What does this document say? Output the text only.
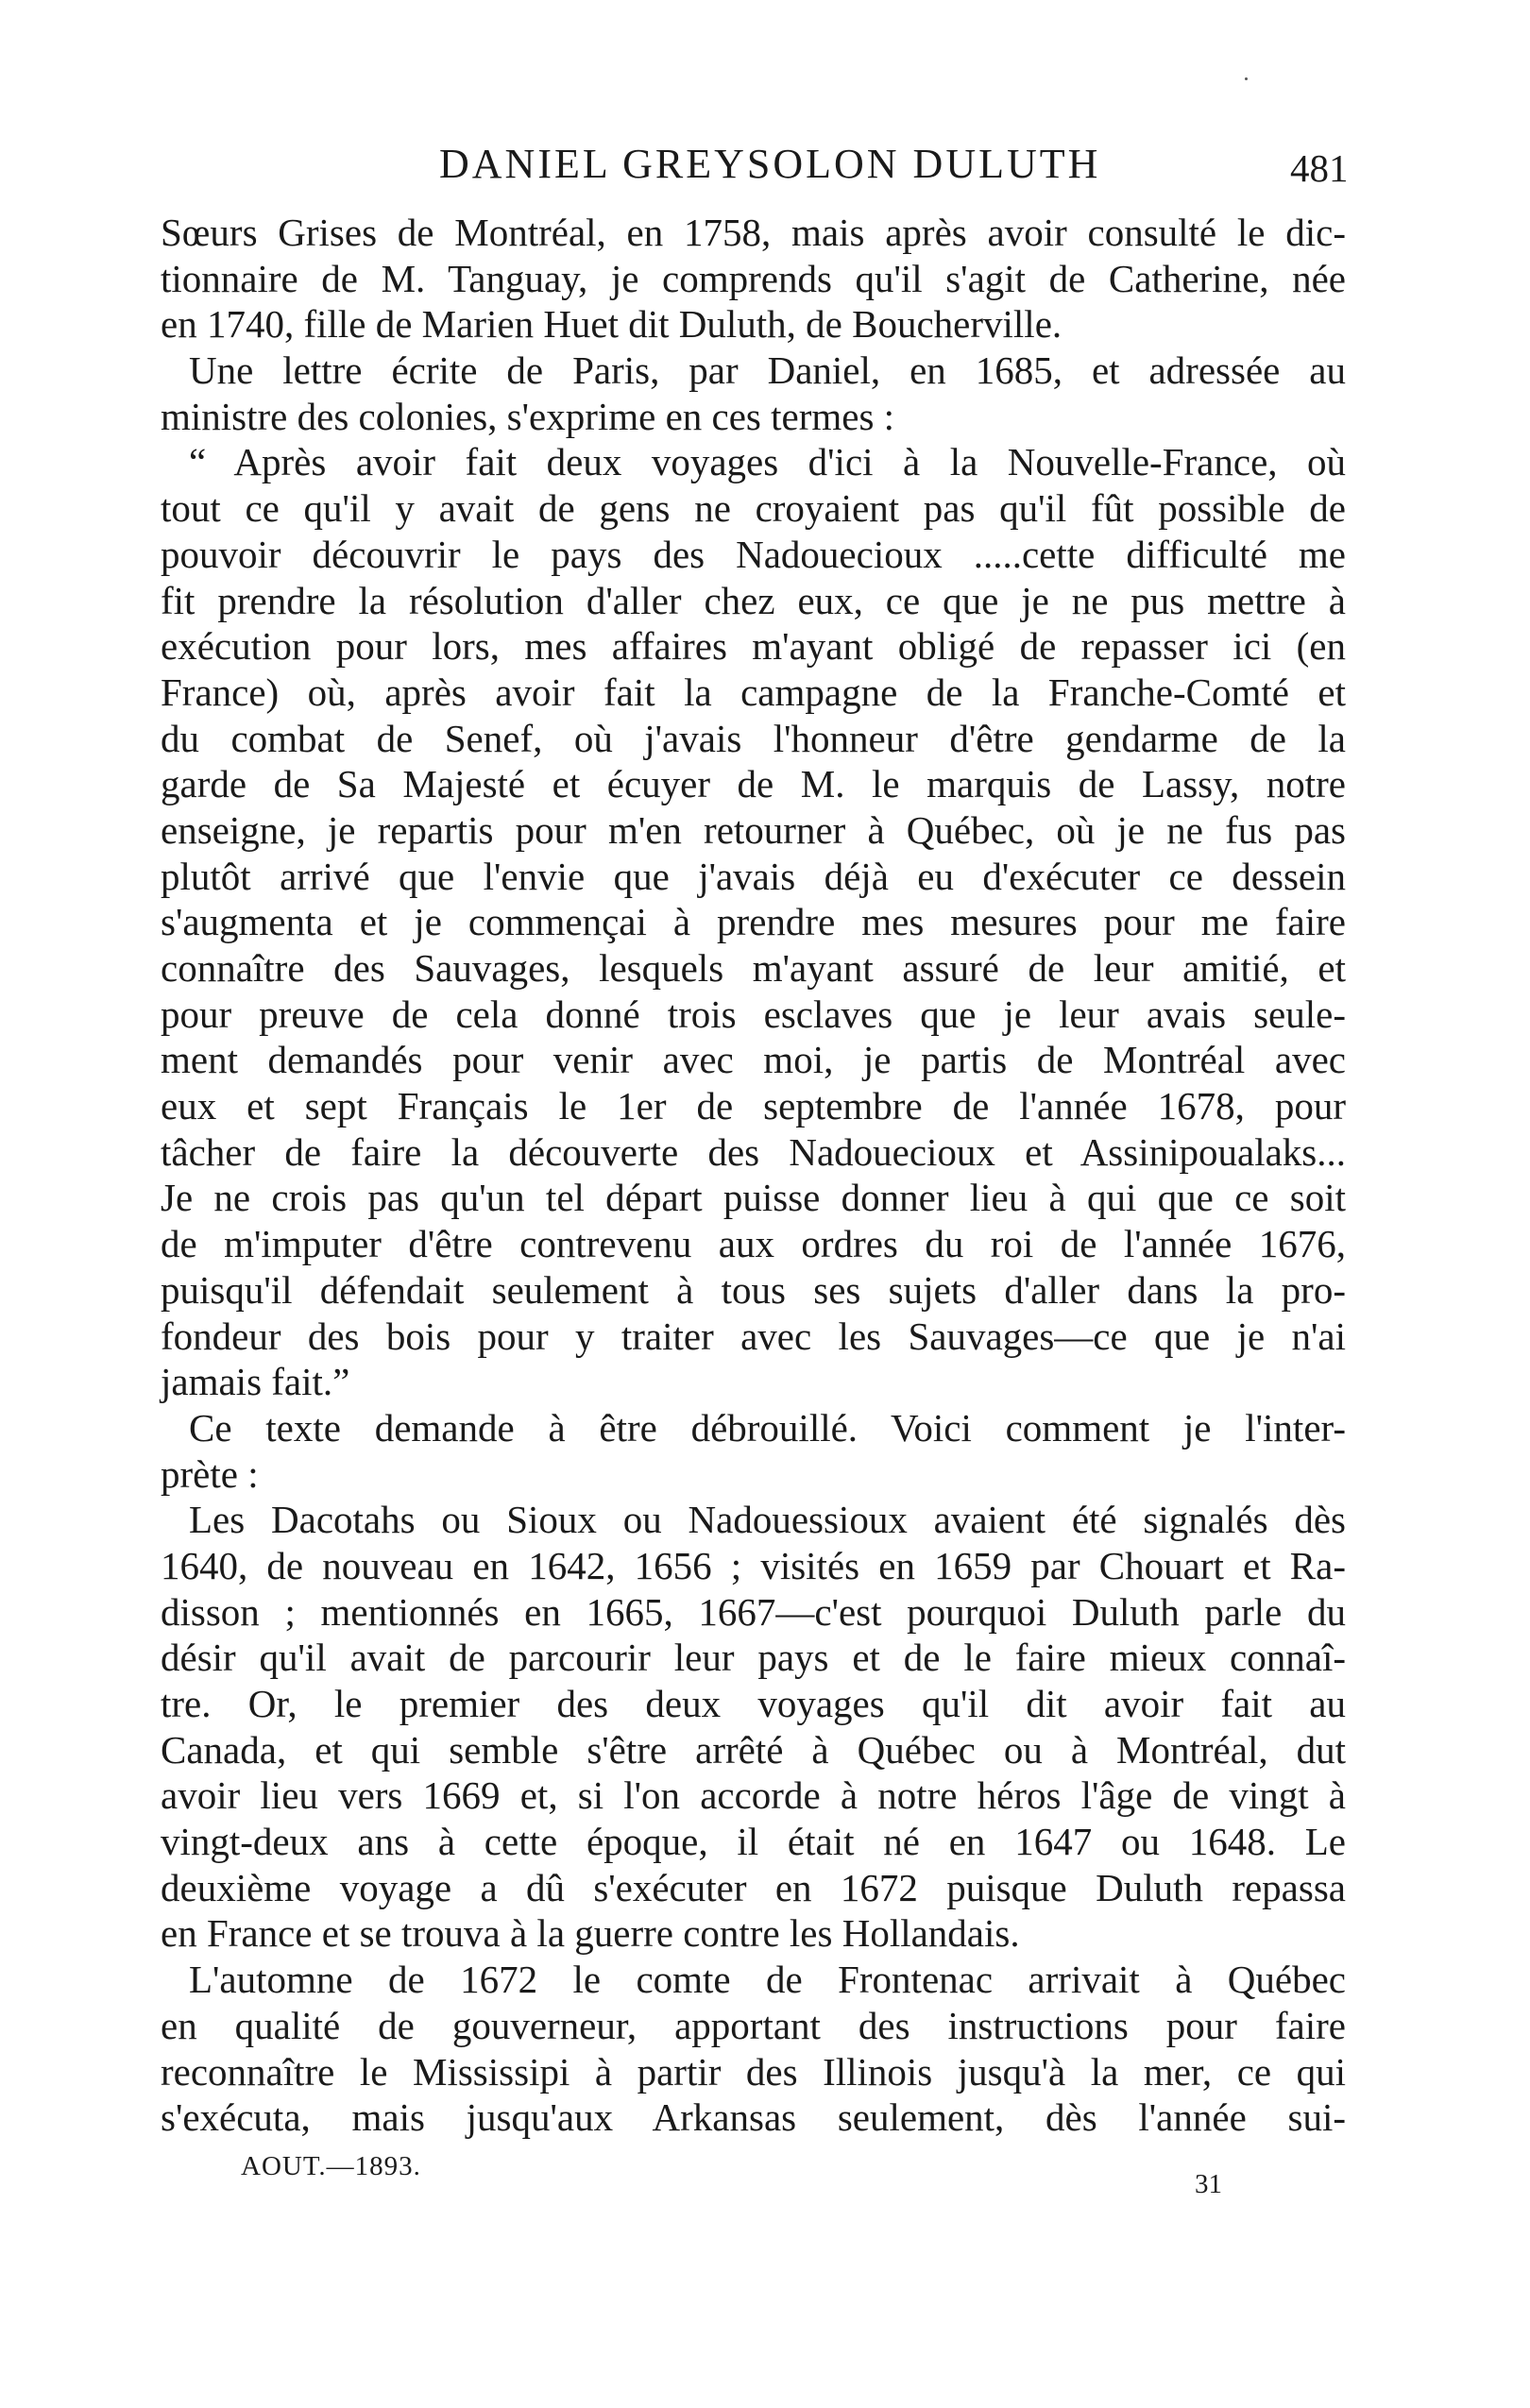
DANIEL GREYSOLON DULUTH	481
Sœurs Grises de Montréal, en 1758, mais après avoir consulté le dic-
tionnaire de M. Tanguay, je comprends qu'il s'agit de Catherine, née
en 1740, fille de Marien Huet dit Duluth, de Boucherville.
Une lettre écrite de Paris, par Daniel, en 1685, et adressée au
ministre des colonies, s'exprime en ces termes :
“ Après avoir fait deux voyages d'ici à la Nouvelle-France, où
tout ce qu'il y avait de gens ne croyaient pas qu'il fût possible de
pouvoir découvrir le pays des Nadouecioux .....cette difficulté me
fit prendre la résolution d'aller chez eux, ce que je ne pus mettre à
exécution pour lors, mes affaires m'ayant obligé de repasser ici (en
France) où, après avoir fait la campagne de la Franche-Comté et
du combat de Senef, où j'avais l'honneur d'être gendarme de la
garde de Sa Majesté et écuyer de M. le marquis de Lassy, notre
enseigne, je repartis pour m'en retourner à Québec, où je ne fus pas
plutôt arrivé que l'envie que j'avais déjà eu d'exécuter ce dessein
s'augmenta et je commençai à prendre mes mesures pour me faire
connaître des Sauvages, lesquels m'ayant assuré de leur amitié, et
pour preuve de cela donné trois esclaves que je leur avais seule-
ment demandés pour venir avec moi, je partis de Montréal avec
eux et sept Français le 1er de septembre de l'année 1678, pour
tâcher de faire la découverte des Nadouecioux et Assinipoualaks...
Je ne crois pas qu'un tel départ puisse donner lieu à qui que ce soit
de m'imputer d'être contrevenu aux ordres du roi de l'année 1676,
puisqu'il défendait seulement à tous ses sujets d'aller dans la pro-
fondeur des bois pour y traiter avec les Sauvages—ce que je n'ai
jamais fait.”
Ce texte demande à être débrouillé. Voici comment je l'inter-
prète :
Les Dacotahs ou Sioux ou Nadouessioux avaient été signalés dès
1640, de nouveau en 1642, 1656 ; visités en 1659 par Chouart et Ra-
disson ; mentionnés en 1665, 1667—c'est pourquoi Duluth parle du
désir qu'il avait de parcourir leur pays et de le faire mieux connaî-
tre. Or, le premier des deux voyages qu'il dit avoir fait au
Canada, et qui semble s'être arrêté à Québec ou à Montréal, dut
avoir lieu vers 1669 et, si l'on accorde à notre héros l'âge de vingt à
vingt-deux ans à cette époque, il était né en 1647 ou 1648. Le
deuxième voyage a dû s'exécuter en 1672 puisque Duluth repassa
en France et se trouva à la guerre contre les Hollandais.
L'automne de 1672 le comte de Frontenac arrivait à Québec
en qualité de gouverneur, apportant des instructions pour faire
reconnaître le Mississipi à partir des Illinois jusqu'à la mer, ce qui
s'exécuta, mais jusqu'aux Arkansas seulement, dès l'année sui-
AOUT.—1893.
31
